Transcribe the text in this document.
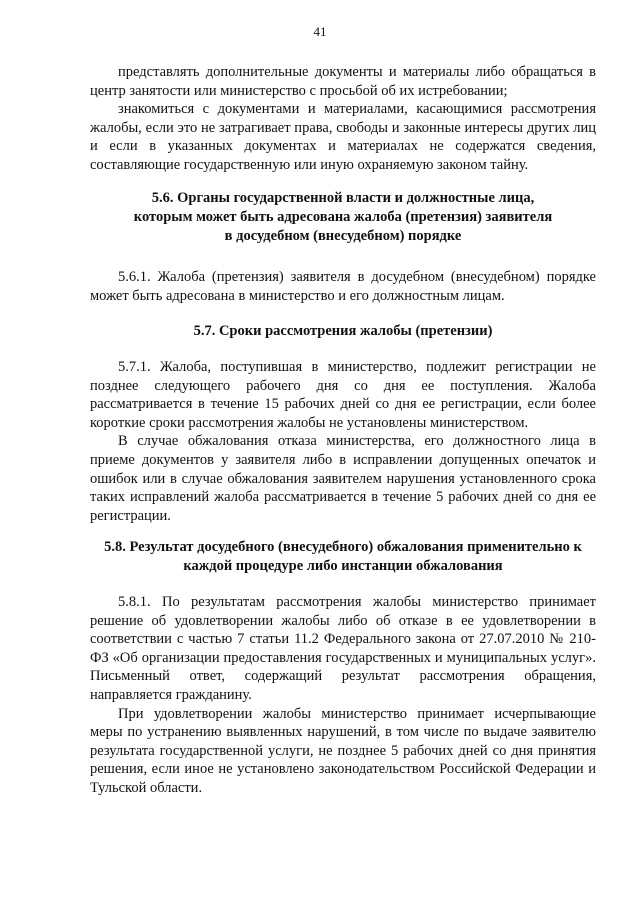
41

представлять дополнительные документы и материалы либо обращаться в центр занятости или министерство с просьбой об их истребовании;

знакомиться с документами и материалами, касающимися рассмотрения жалобы, если это не затрагивает права, свободы и законные интересы других лиц и если в указанных документах и материалах не содержатся сведения, составляющие государственную или иную охраняемую законом тайну.

5.6. Органы государственной власти и должностные лица,
которым может быть адресована жалоба (претензия) заявителя
в досудебном (внесудебном) порядке

5.6.1. Жалоба (претензия) заявителя в досудебном (внесудебном) порядке может быть адресована в министерство и его должностным лицам.

5.7. Сроки рассмотрения жалобы (претензии)

5.7.1. Жалоба, поступившая в министерство, подлежит регистрации не позднее следующего рабочего дня со дня ее поступления. Жалоба рассматривается в течение 15 рабочих дней со дня ее регистрации, если более короткие сроки рассмотрения жалобы не установлены министерством.

В случае обжалования отказа министерства, его должностного лица в приеме документов у заявителя либо в исправлении допущенных опечаток и ошибок или в случае обжалования заявителем нарушения установленного срока таких исправлений жалоба рассматривается в течение 5 рабочих дней со дня ее регистрации.

5.8. Результат досудебного (внесудебного) обжалования применительно к
каждой процедуре либо инстанции обжалования

5.8.1. По результатам рассмотрения жалобы министерство принимает решение об удовлетворении жалобы либо об отказе в ее удовлетворении в соответствии с частью 7 статьи 11.2 Федерального закона от 27.07.2010 № 210-ФЗ «Об организации предоставления государственных и муниципальных услуг». Письменный ответ, содержащий результат рассмотрения обращения, направляется гражданину.

При удовлетворении жалобы министерство принимает исчерпывающие меры по устранению выявленных нарушений, в том числе по выдаче заявителю результата государственной услуги, не позднее 5 рабочих дней со дня принятия решения, если иное не установлено законодательством Российской Федерации и Тульской области.
